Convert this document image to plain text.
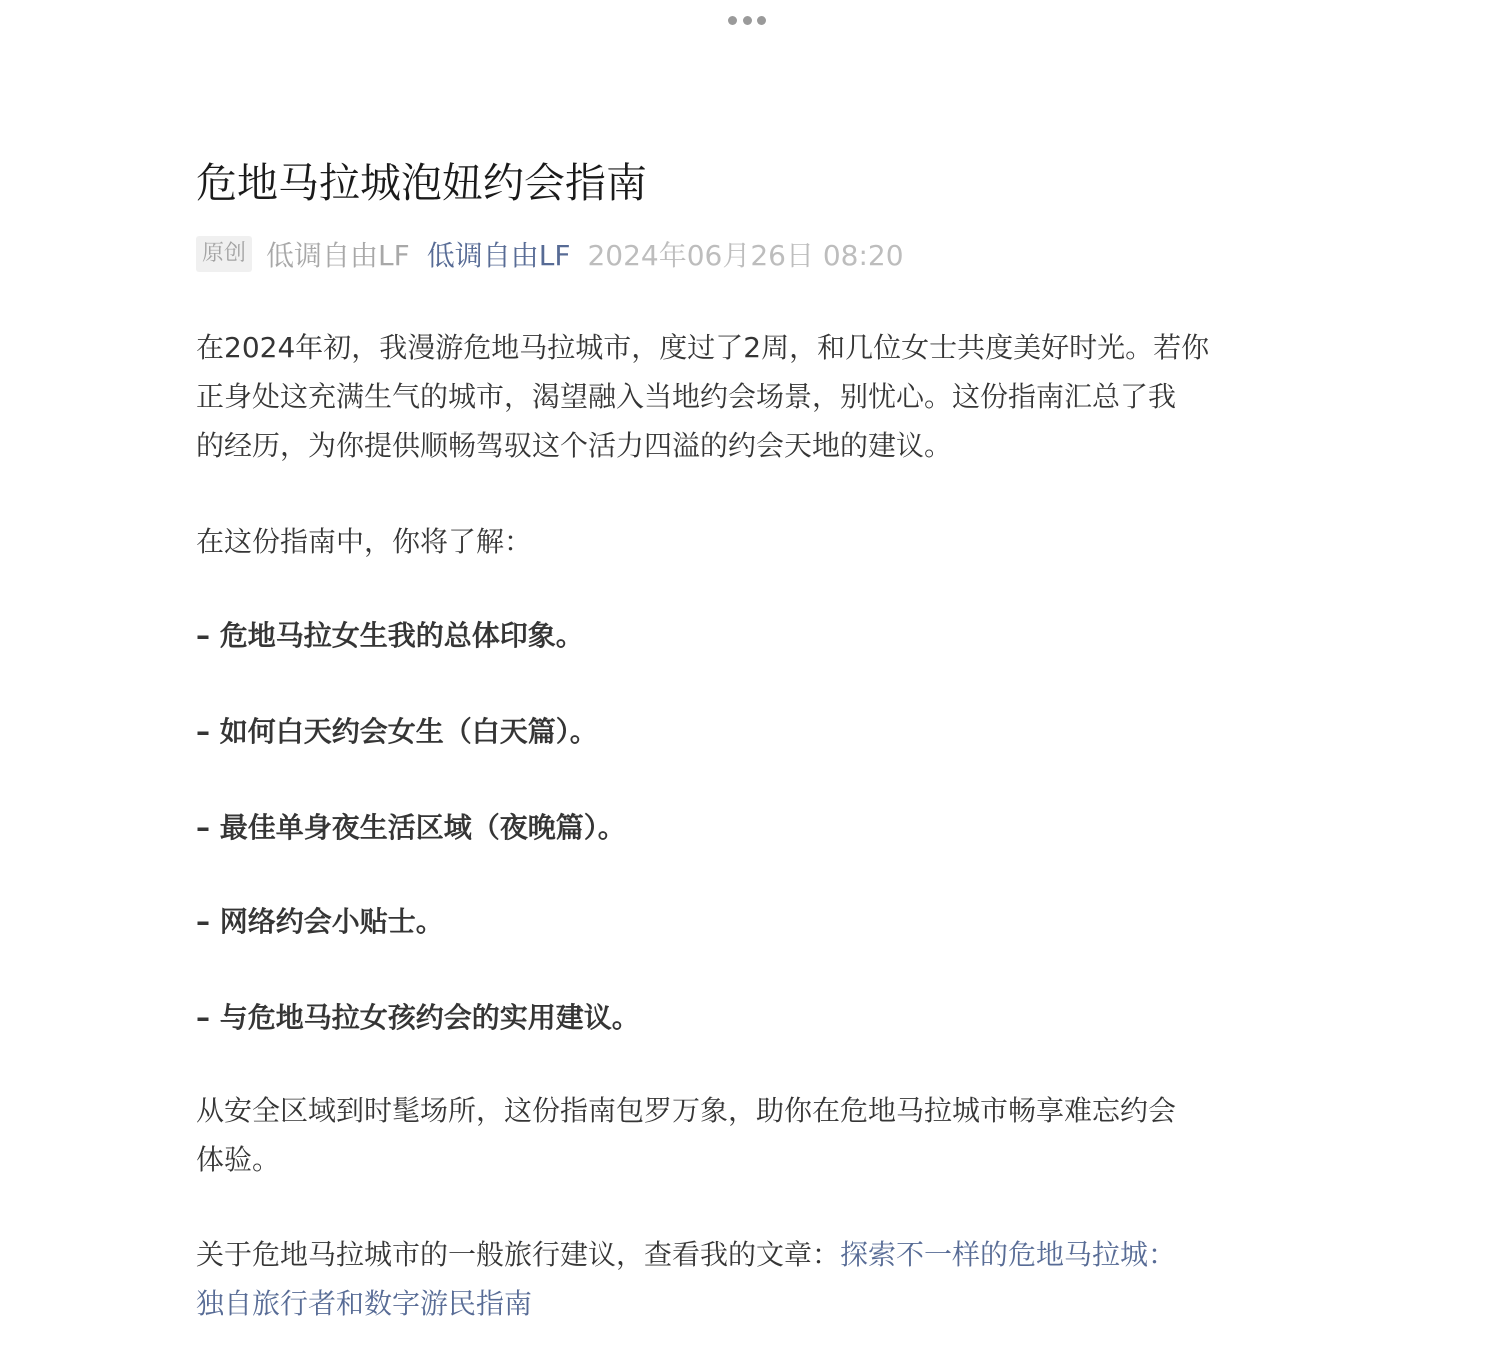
危地马拉城泡妞约会指南
原创 低调自由LF 低调自由LF 2024年06月26日 08:20

在2024年初，我漫游危地马拉城市，度过了2周，和几位女士共度美好时光。若你
正身处这充满生气的城市，渴望融入当地约会场景，别忧心。这份指南汇总了我
的经历，为你提供顺畅驾驭这个活力四溢的约会天地的建议。

在这份指南中，你将了解：

– 危地马拉女生我的总体印象。

– 如何白天约会女生（白天篇）。

– 最佳单身夜生活区域（夜晚篇）。

– 网络约会小贴士。

– 与危地马拉女孩约会的实用建议。

从安全区域到时髦场所，这份指南包罗万象，助你在危地马拉城市畅享难忘约会
体验。

关于危地马拉城市的一般旅行建议，查看我的文章：探索不一样的危地马拉城：
独自旅行者和数字游民指南
